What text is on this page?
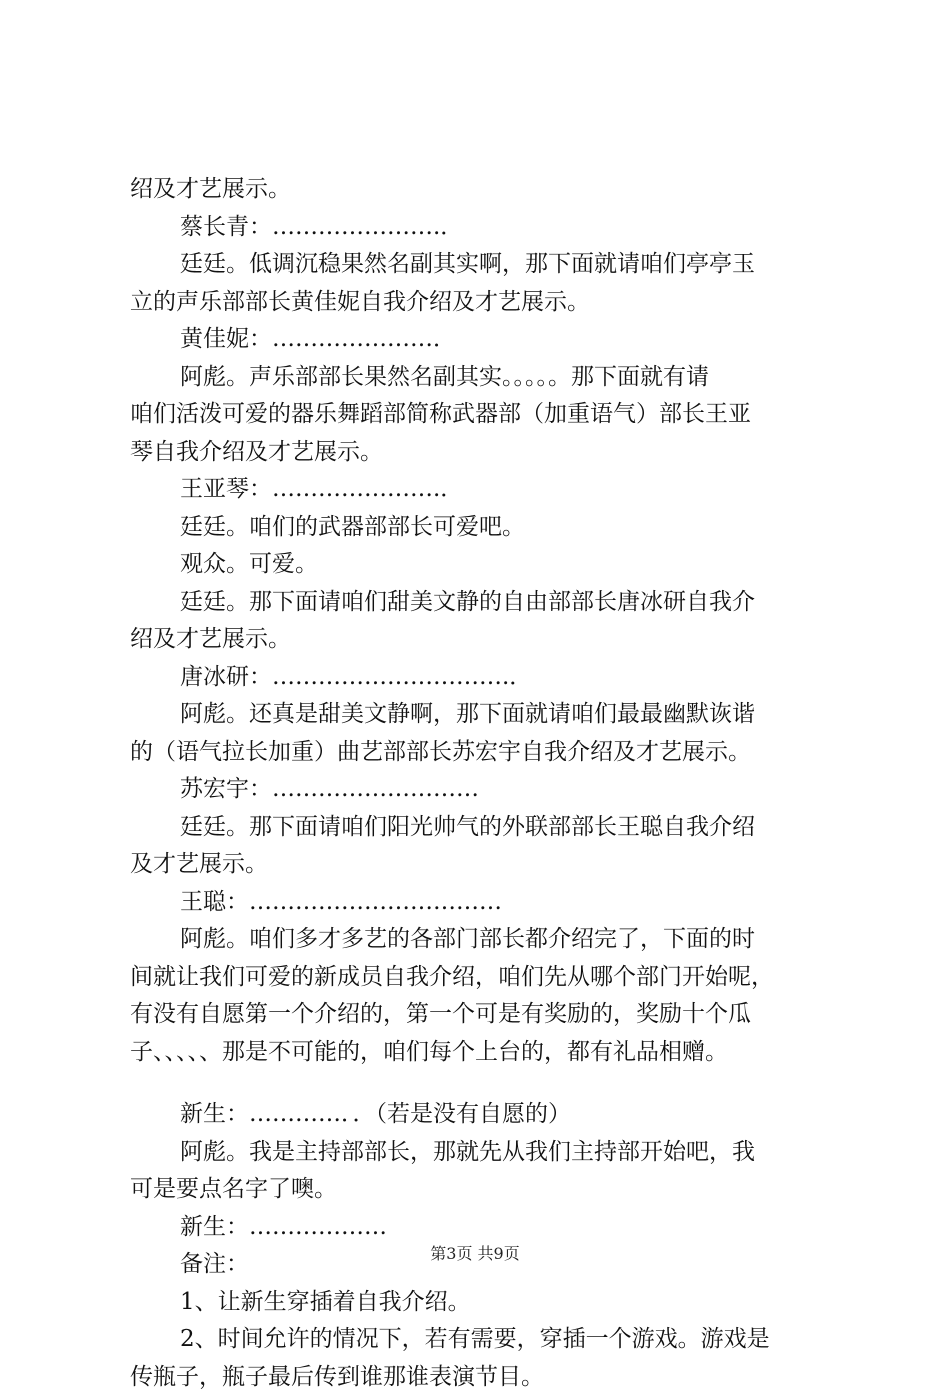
绍及才艺展示。

蔡长青：………………….．

廷廷。低调沉稳果然名副其实啊，那下面就请咱们亭亭玉

立的声乐部部长黄佳妮自我介绍及才艺展示。

黄佳妮：…………………．

阿彪。声乐部部长果然名副其实。。。。。那下面就有请

咱们活泼可爱的器乐舞蹈部简称武器部（加重语气）部长王亚

琴自我介绍及才艺展示。

王亚琴：………………….．

廷廷。咱们的武器部部长可爱吧。

观众。可爱。

廷廷。那下面请咱们甜美文静的自由部部长唐冰研自我介

绍及才艺展示。

唐冰研：………………………….．

阿彪。还真是甜美文静啊，那下面就请咱们最最幽默诙谐

的（语气拉长加重）曲艺部部长苏宏宇自我介绍及才艺展示。

苏宏宇：………………………

廷廷。那下面请咱们阳光帅气的外联部部长王聪自我介绍

及才艺展示。

王聪：……………………………

阿彪。咱们多才多艺的各部门部长都介绍完了，下面的时

间就让我们可爱的新成员自我介绍，咱们先从哪个部门开始呢，

有没有自愿第一个介绍的，第一个可是有奖励的，奖励十个瓜

子、、、、、那是不可能的，咱们每个上台的，都有礼品相赠。

新生：…………．．（若是没有自愿的）

阿彪。我是主持部部长，那就先从我们主持部开始吧，我

可是要点名字了噢。

新生：………………

备注：

1、让新生穿插着自我介绍。

2、时间允许的情况下，若有需要，穿插一个游戏。游戏是

传瓶子，瓶子最后传到谁那谁表演节目。

第3页 共9页
